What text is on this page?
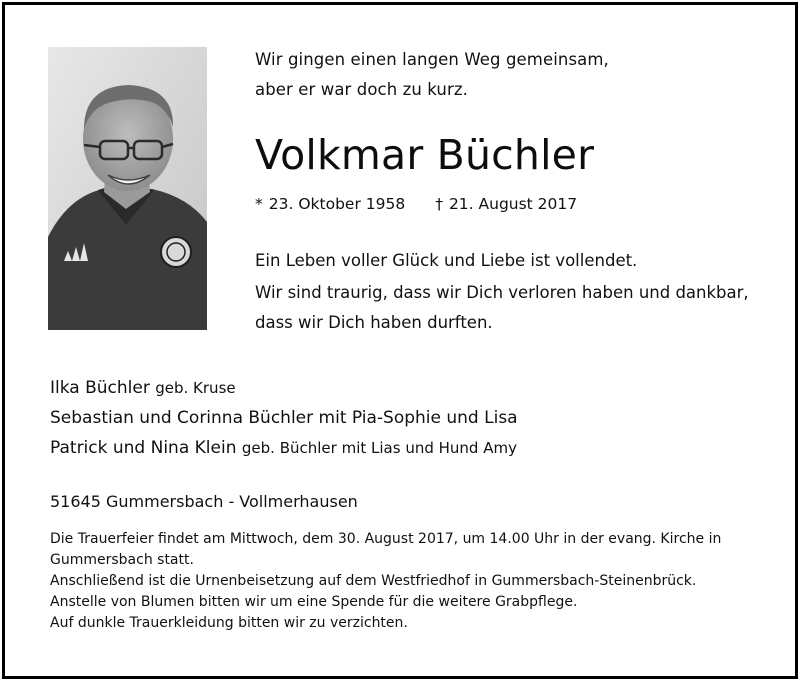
Wir gingen einen langen Weg gemeinsam,
aber er war doch zu kurz.
Volkmar Büchler
* 23. Oktober 1958 † 21. August 2017
Ein Leben voller Glück und Liebe ist vollendet.
Wir sind traurig, dass wir Dich verloren haben und dankbar,
dass wir Dich haben durften.
Ilka Büchler geb. Kruse
Sebastian und Corinna Büchler mit Pia-Sophie und Lisa
Patrick und Nina Klein geb. Büchler mit Lias und Hund Amy
51645 Gummersbach - Vollmerhausen
Die Trauerfeier findet am Mittwoch, dem 30. August 2017, um 14.00 Uhr in der evang. Kirche in Gummersbach statt.
Anschließend ist die Urnenbeisetzung auf dem Westfriedhof in Gummersbach-Steinenbrück.
Anstelle von Blumen bitten wir um eine Spende für die weitere Grabpflege.
Auf dunkle Trauerkleidung bitten wir zu verzichten.
